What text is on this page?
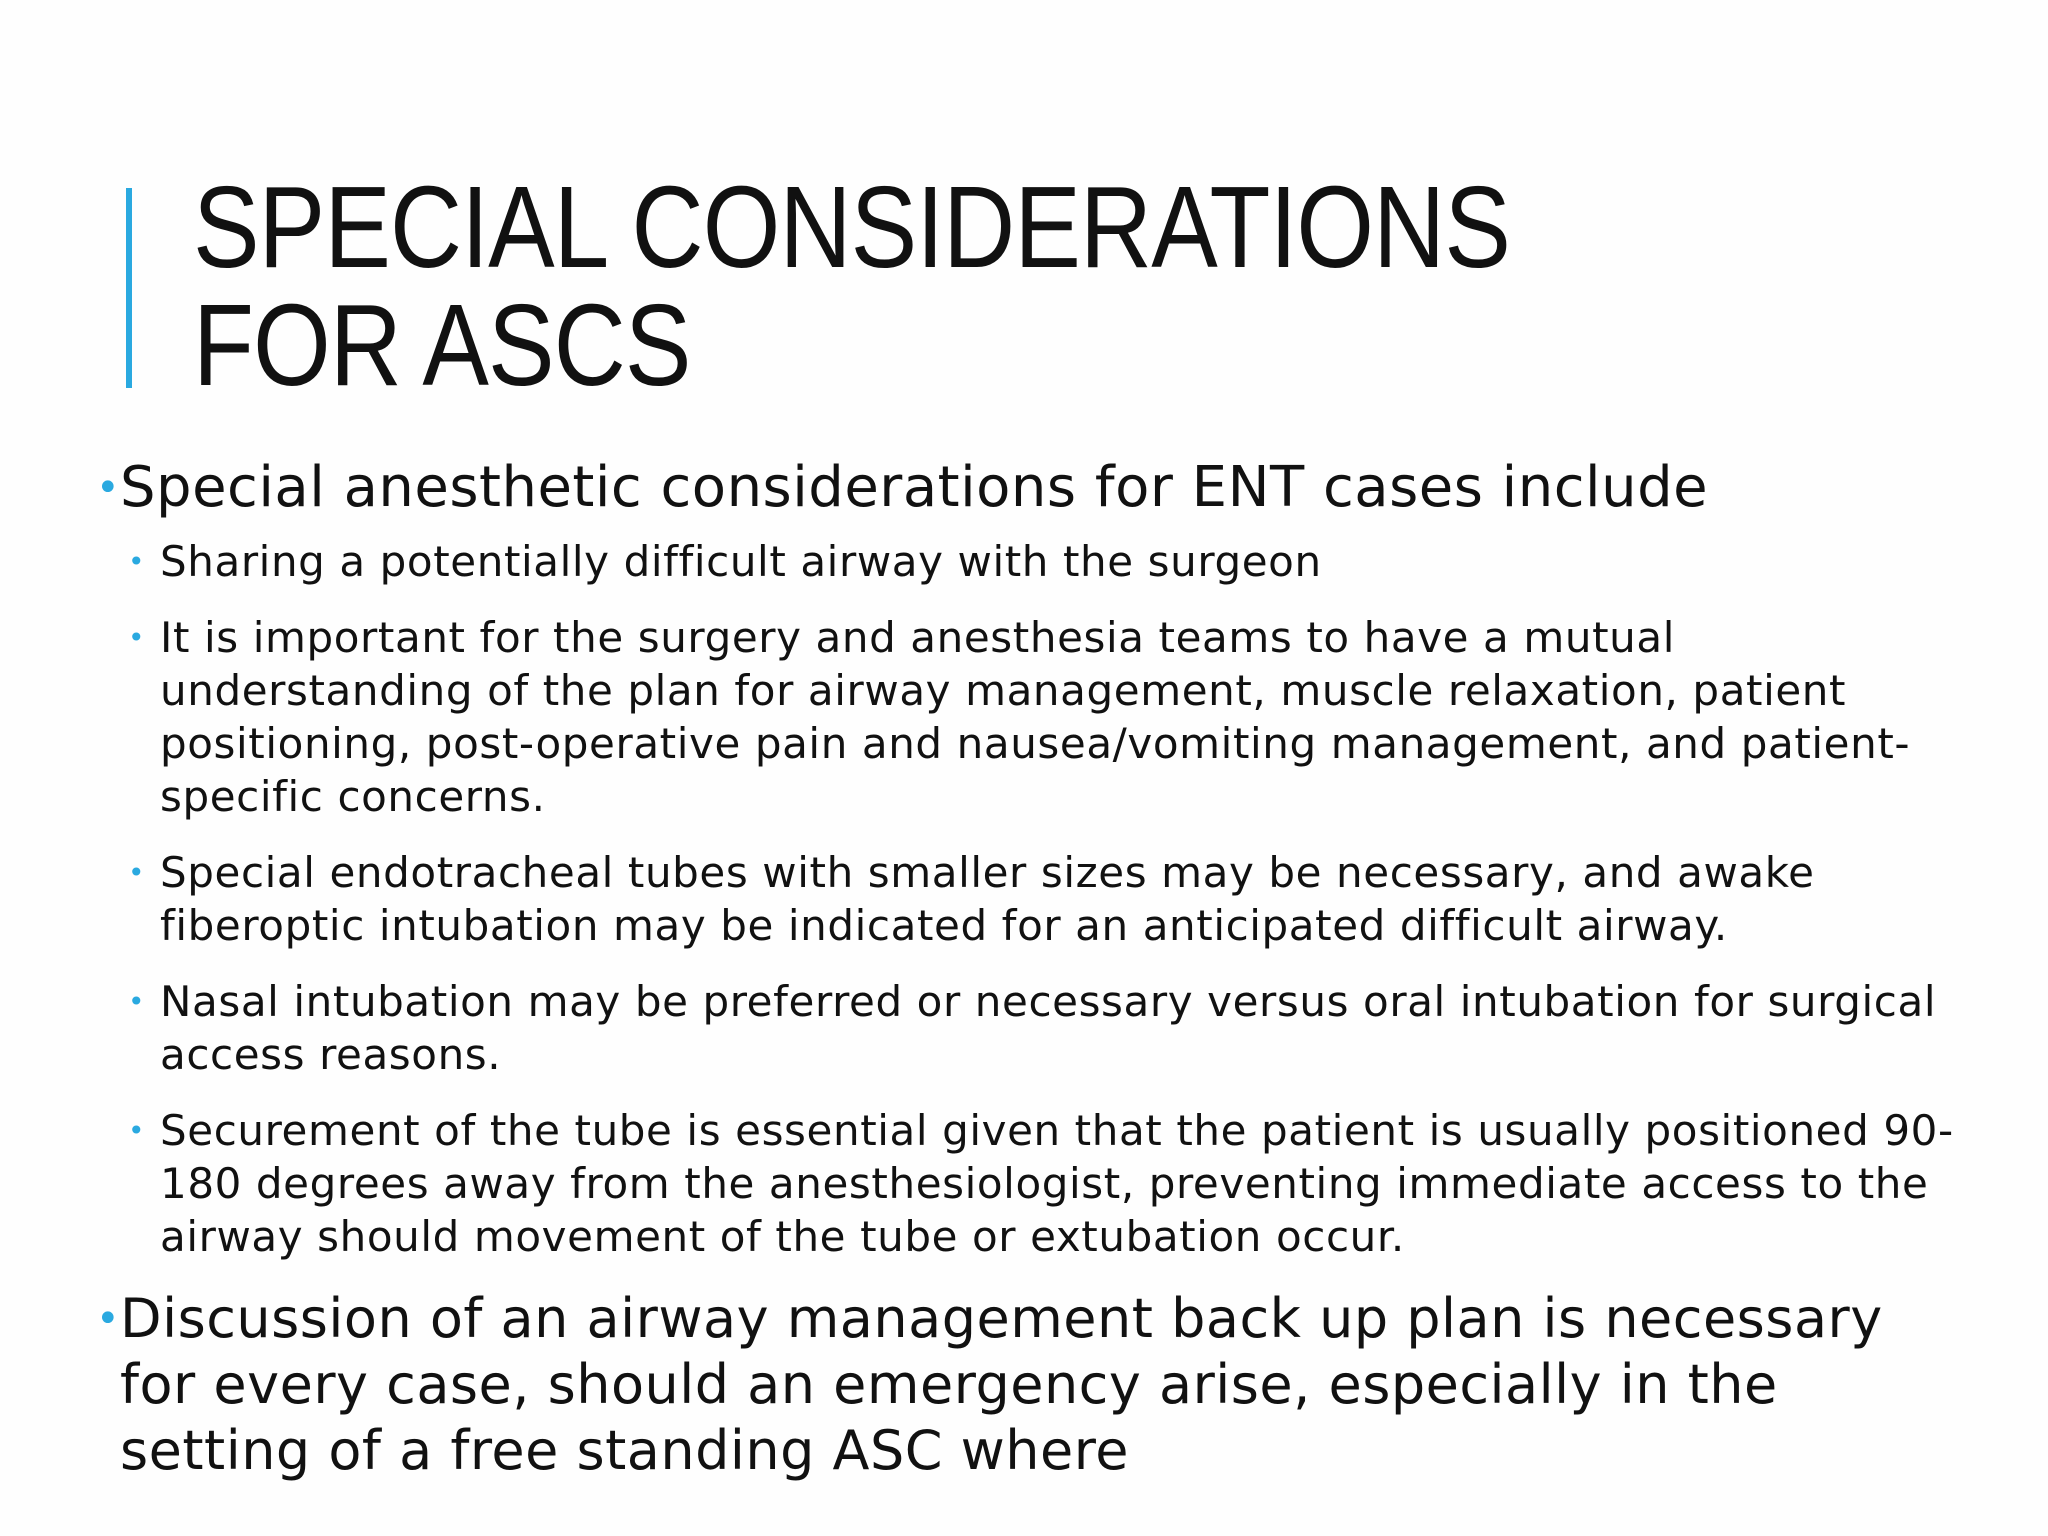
SPECIAL CONSIDERATIONS
FOR ASCS
• Special anesthetic considerations for ENT cases include
• Sharing a potentially difficult airway with the surgeon
• It is important for the surgery and anesthesia teams to have a mutual understanding of the plan for airway management, muscle relaxation, patient positioning, post-operative pain and nausea/vomiting management, and patient-specific concerns.
• Special endotracheal tubes with smaller sizes may be necessary, and awake fiberoptic intubation may be indicated for an anticipated difficult airway.
• Nasal intubation may be preferred or necessary versus oral intubation for surgical access reasons.
• Securement of the tube is essential given that the patient is usually positioned 90-180 degrees away from the anesthesiologist, preventing immediate access to the airway should movement of the tube or extubation occur.
• Discussion of an airway management back up plan is necessary for every case, should an emergency arise, especially in the setting of a free standing ASC where
